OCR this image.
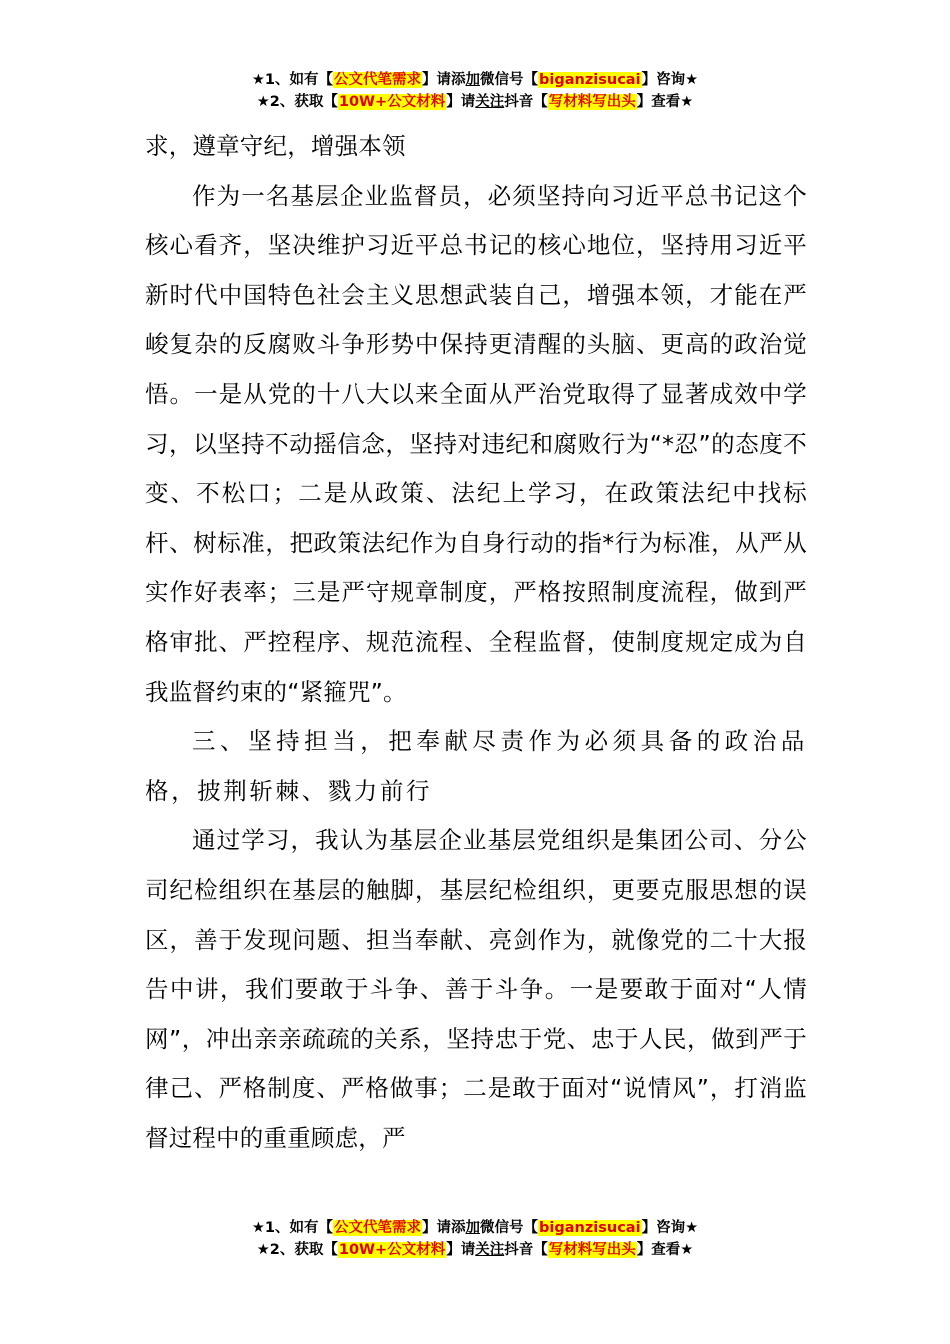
★1、如有【公文代笔需求】请添加微信号【biganzisucai】咨询★
★2、获取【10W+公文材料】请关注抖音【写材料写出头】查看★

求，遵章守纪，增强本领

作为一名基层企业监督员，必须坚持向习近平总书记这个核心看齐，坚决维护习近平总书记的核心地位，坚持用习近平新时代中国特色社会主义思想武装自己，增强本领，才能在严峻复杂的反腐败斗争形势中保持更清醒的头脑、更高的政治觉悟。一是从党的十八大以来全面从严治党取得了显著成效中学习，以坚持不动摇信念，坚持对违纪和腐败行为“*忍”的态度不变、不松口；二是从政策、法纪上学习，在政策法纪中找标杆、树标准，把政策法纪作为自身行动的指*行为标准，从严从实作好表率；三是严守规章制度，严格按照制度流程，做到严格审批、严控程序、规范流程、全程监督，使制度规定成为自我监督约束的“紧箍咒”。

三、坚持担当，把奉献尽责作为必须具备的政治品格，披荆斩棘、戮力前行

通过学习，我认为基层企业基层党组织是集团公司、分公司纪检组织在基层的触脚，基层纪检组织，更要克服思想的误区，善于发现问题、担当奉献、亮剑作为，就像党的二十大报告中讲，我们要敢于斗争、善于斗争。一是要敢于面对“人情网”，冲出亲亲疏疏的关系，坚持忠于党、忠于人民，做到严于律己、严格制度、严格做事；二是敢于面对“说情风”，打消监督过程中的重重顾虑，严

★1、如有【公文代笔需求】请添加微信号【biganzisucai】咨询★
★2、获取【10W+公文材料】请关注抖音【写材料写出头】查看★
